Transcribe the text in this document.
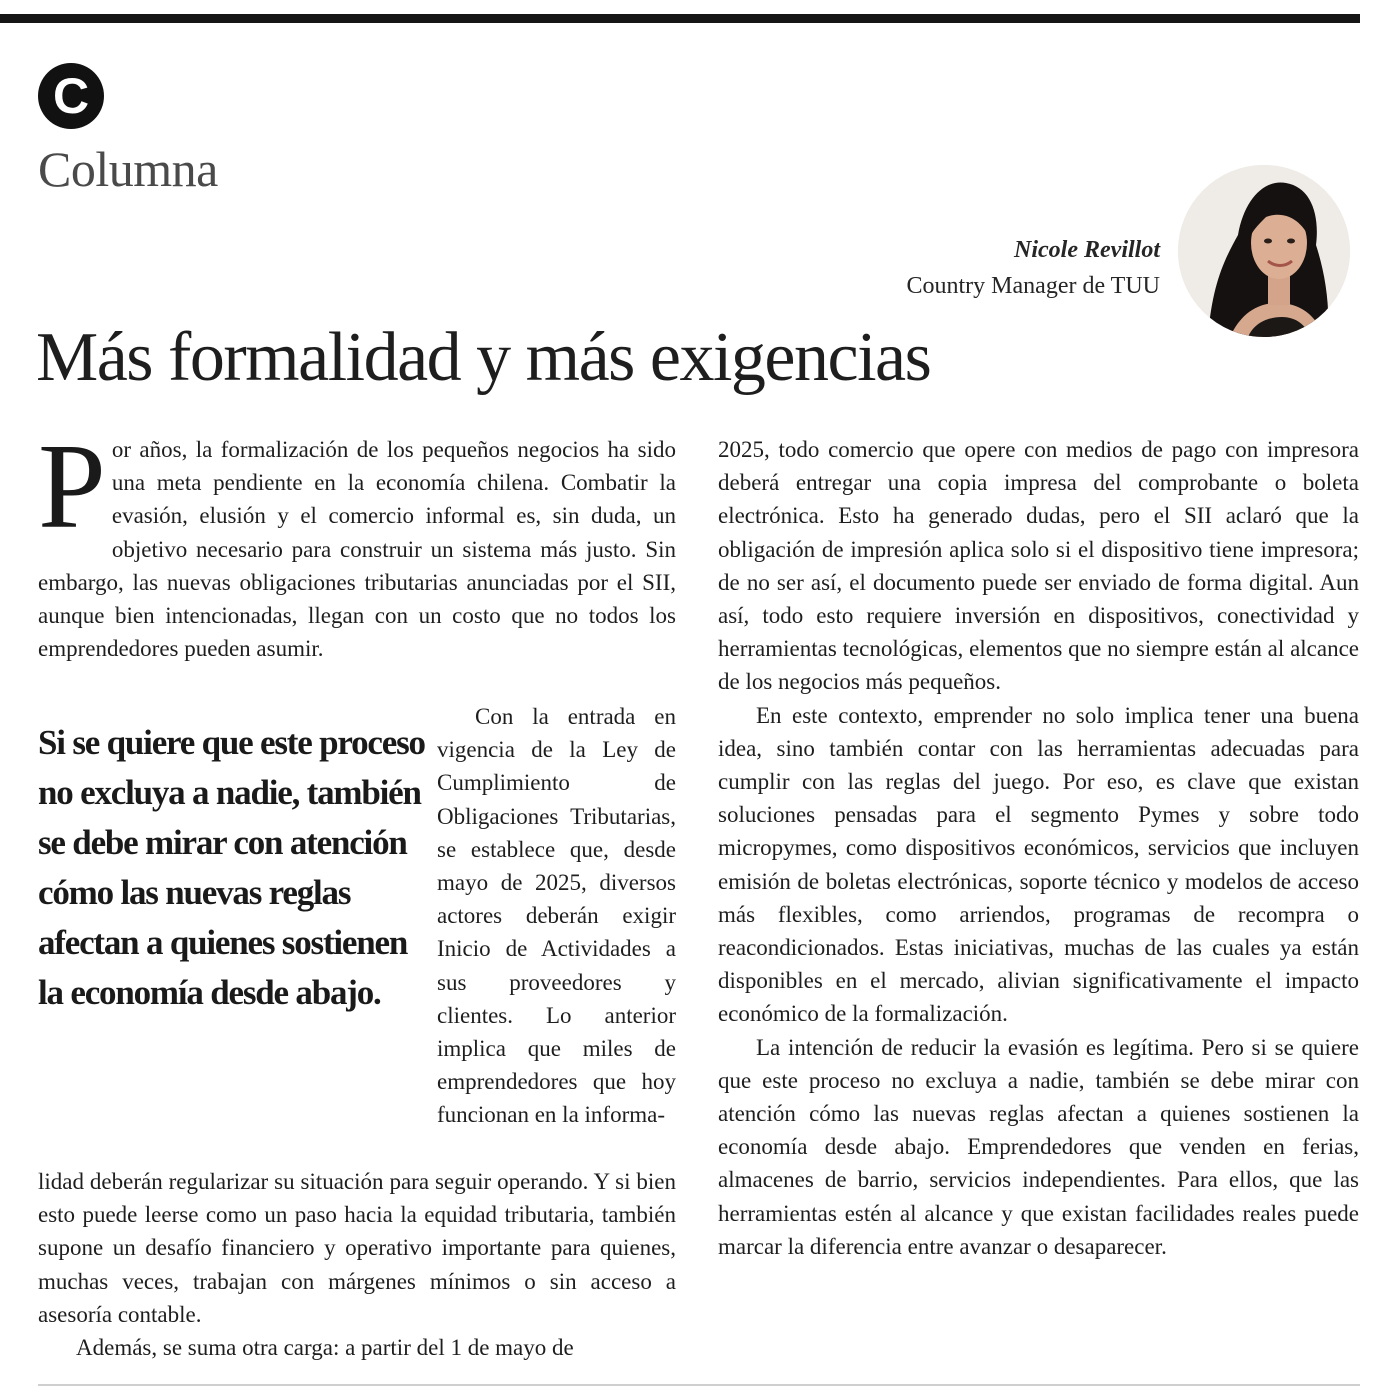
C
Columna
Nicole Revillot
Country Manager de TUU
Más formalidad y más exigencias
P or años, la formalización de los pequeños negocios ha sido una meta pendiente en la economía chilena. Combatir la evasión, elusión y el comercio informal es, sin duda, un objetivo necesario para construir un sistema más justo. Sin embargo, las nuevas obligaciones tributarias anunciadas por el SII, aunque bien intencionadas, llegan con un costo que no todos los emprendedores pueden asumir.

Si se quiere que este proceso no excluya a nadie, también se debe mirar con atención cómo las nuevas reglas afectan a quienes sostienen la economía desde abajo.

Con la entrada en vigencia de la Ley de Cumplimiento de Obligaciones Tributarias, se establece que, desde mayo de 2025, diversos actores deberán exigir Inicio de Actividades a sus proveedores y clientes. Lo anterior implica que miles de emprendedores que hoy funcionan en la informa-

lidad deberán regularizar su situación para seguir operando. Y si bien esto puede leerse como un paso hacia la equidad tributaria, también supone un desafío financiero y operativo importante para quienes, muchas veces, trabajan con márgenes mínimos o sin acceso a asesoría contable.

Además, se suma otra carga: a partir del 1 de mayo de

2025, todo comercio que opere con medios de pago con impresora deberá entregar una copia impresa del comprobante o boleta electrónica. Esto ha generado dudas, pero el SII aclaró que la obligación de impresión aplica solo si el dispositivo tiene impresora; de no ser así, el documento puede ser enviado de forma digital. Aun así, todo esto requiere inversión en dispositivos, conectividad y herramientas tecnológicas, elementos que no siempre están al alcance de los negocios más pequeños.

En este contexto, emprender no solo implica tener una buena idea, sino también contar con las herramientas adecuadas para cumplir con las reglas del juego. Por eso, es clave que existan soluciones pensadas para el segmento Pymes y sobre todo micropymes, como dispositivos económicos, servicios que incluyen emisión de boletas electrónicas, soporte técnico y modelos de acceso más flexibles, como arriendos, programas de recompra o reacondicionados. Estas iniciativas, muchas de las cuales ya están disponibles en el mercado, alivian significativamente el impacto económico de la formalización.

La intención de reducir la evasión es legítima. Pero si se quiere que este proceso no excluya a nadie, también se debe mirar con atención cómo las nuevas reglas afectan a quienes sostienen la economía desde abajo. Emprendedores que venden en ferias, almacenes de barrio, servicios independientes. Para ellos, que las herramientas estén al alcance y que existan facilidades reales puede marcar la diferencia entre avanzar o desaparecer.
